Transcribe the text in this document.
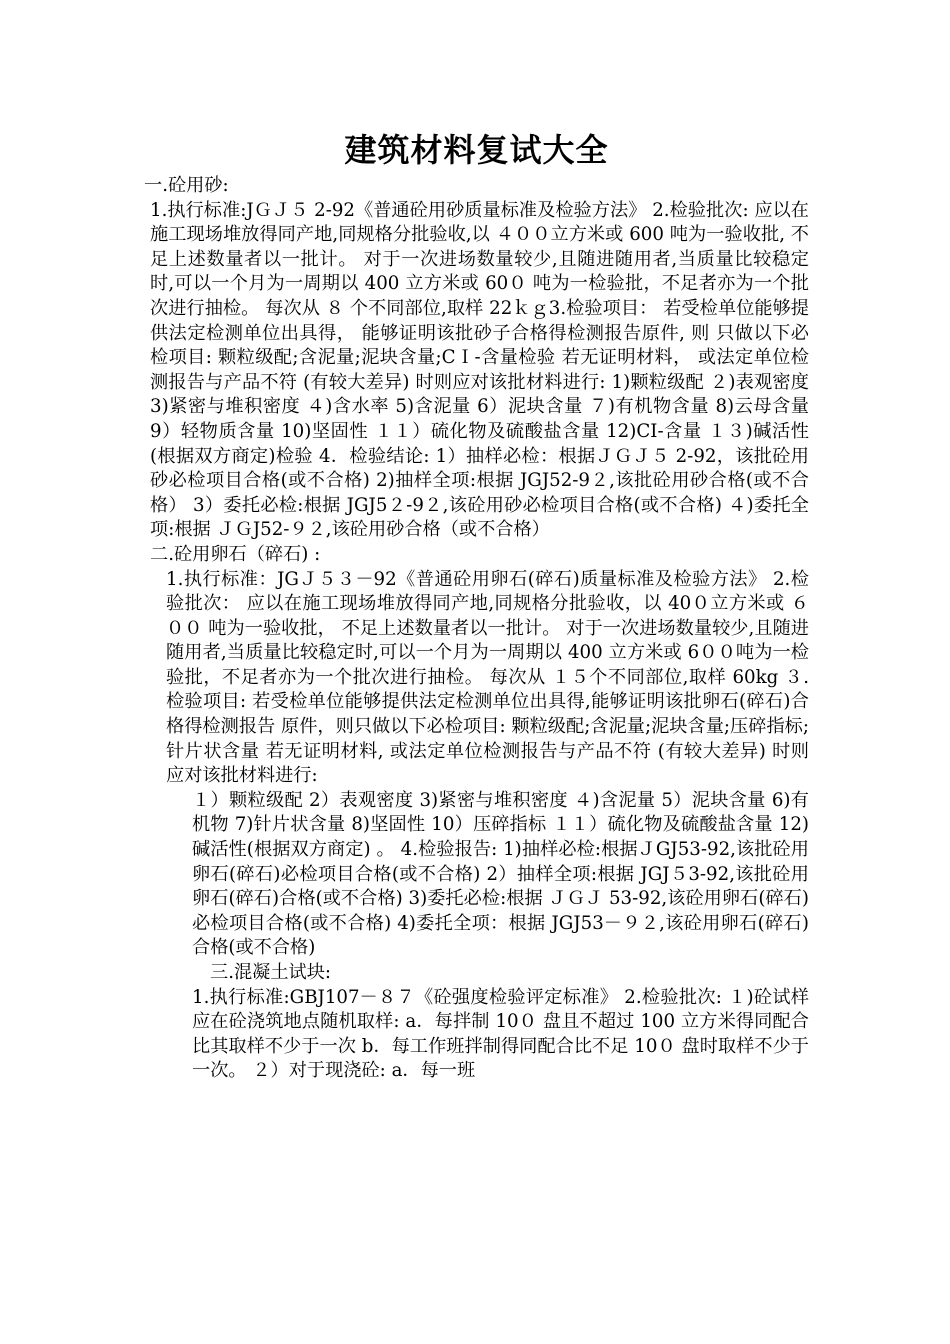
建筑材料复试大全
一.砼用砂:
1.执行标准:JＧＪ５ 2-92《普通砼用砂质量标准及检验方法》 2.检验批次: 应以在施工现场堆放得同产地,同规格分批验收,以 ４００立方米或 600 吨为一验收批, 不足上述数量者以一批计。 对于一次进场数量较少,且随进随用者,当质量比较稳定时,可以一个月为一周期以 400 立方米或 60０ 吨为一检验批，不足者亦为一个批次进行抽检。 每次从 ８ 个不同部位,取样 22ｋｇ3.检验项目： 若受检单位能够提供法定检测单位出具得， 能够证明该批砂子合格得检测报告原件, 则 只做以下必检项目: 颗粒级配;含泥量;泥块含量;CＩ-含量检验 若无证明材料， 或法定单位检测报告与产品不符 (有较大差异) 时则应对该批材料进行: 1)颗粒级配 ２)表观密度 3)紧密与堆积密度 ４)含水率 5)含泥量 6）泥块含量 ７)有机物含量 8)云母含量 9）轻物质含量 10)坚固性 １１）硫化物及硫酸盐含量 12)CI-含量 １３)碱活性(根据双方商定)检验 4．检验结论: 1）抽样必检：根据ＪＧＪ５ 2-92，该批砼用砂必检项目合格(或不合格) 2)抽样全项:根据 JGJ52-9２,该批砼用砂合格(或不合格） 3）委托必检:根据 JGJ5２-9２,该砼用砂必检项目合格(或不合格) ４)委托全项:根据 ＪＧJ52-９２,该砼用砂合格（或不合格）
二.砼用卵石（碎石) :
1.执行标准：JGＪ５３－92《普通砼用卵石(碎石)质量标准及检验方法》 2.检验批次： 应以在施工现场堆放得同产地,同规格分批验收，以 40０立方米或 ６００ 吨为一验收批， 不足上述数量者以一批计。 对于一次进场数量较少,且随进随用者,当质量比较稳定时,可以一个月为一周期以 400 立方米或 6００吨为一检验批，不足者亦为一个批次进行抽检。 每次从 １５个不同部位,取样 60kg ３.检验项目: 若受检单位能够提供法定检测单位出具得,能够证明该批卵石(碎石)合格得检测报告 原件，则只做以下必检项目: 颗粒级配;含泥量;泥块含量;压碎指标;针片状含量 若无证明材料, 或法定单位检测报告与产品不符 (有较大差异) 时则应对该批材料进行:
１）颗粒级配 2）表观密度 3)紧密与堆积密度 ４)含泥量 5）泥块含量 6)有机物 7)针片状含量 8)坚固性 10）压碎指标 １１）硫化物及硫酸盐含量 12)碱活性(根据双方商定) 。 4.检验报告: 1)抽样必检:根据ＪGJ53-92,该批砼用卵石(碎石)必检项目合格(或不合格) 2）抽样全项:根据 JGJ５3-92,该批砼用卵石(碎石)合格(或不合格) 3)委托必检:根据 ＪＧＪ 53-92,该砼用卵石(碎石)必检项目合格(或不合格) 4)委托全项：根据 JGJ53－９２,该砼用卵石(碎石)合格(或不合格)
三.混凝土试块:
1.执行标准:GBJ107－８７《砼强度检验评定标准》 2.检验批次: １)砼试样应在砼浇筑地点随机取样: a．每拌制 10０ 盘且不超过 100 立方米得同配合比其取样不少于一次 b．每工作班拌制得同配合比不足 10０ 盘时取样不少于一次。 ２）对于现浇砼: a．每一班
